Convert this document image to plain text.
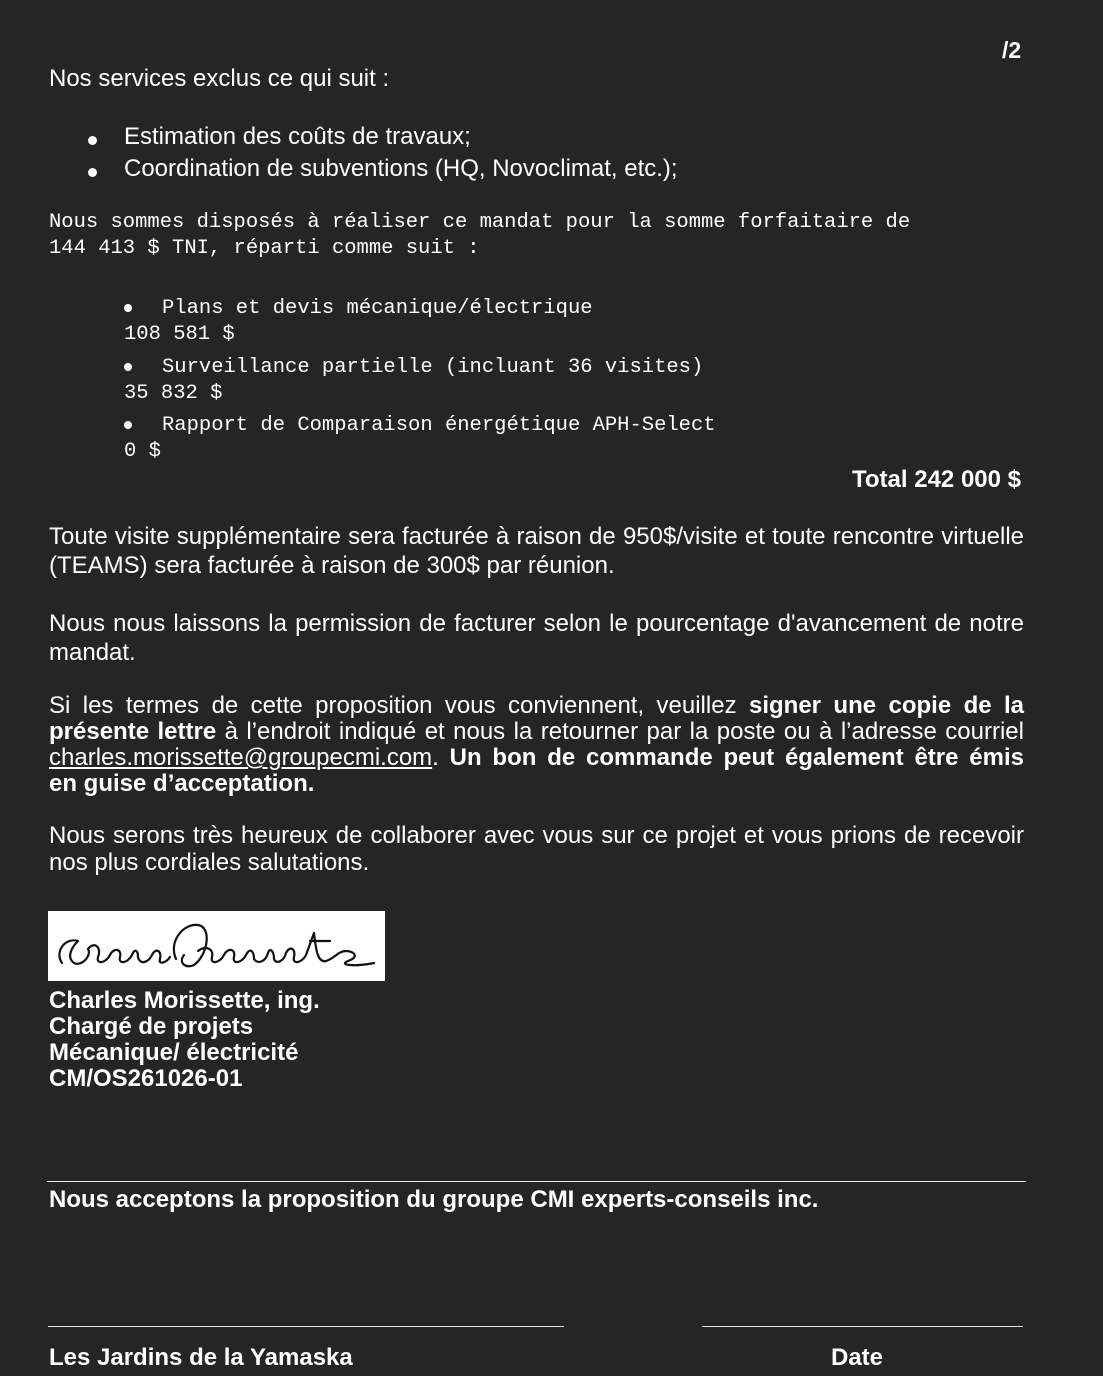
/2
Nos services exclus ce qui suit :
Estimation des coûts de travaux;
Coordination de subventions (HQ, Novoclimat, etc.);
Nous sommes disposés à réaliser ce mandat pour la somme forfaitaire de
144 413 $ TNI, réparti comme suit :
Plans et devis mécanique/électrique
108 581 $
Surveillance partielle (incluant 36 visites)
35 832 $
Rapport de Comparaison énergétique APH-Select
0 $
Total 242 000 $
Toute visite supplémentaire sera facturée à raison de 950$/visite et toute rencontre virtuelle (TEAMS) sera facturée à raison de 300$ par réunion.
Nous nous laissons la permission de facturer selon le pourcentage d'avancement de notre mandat.
Si les termes de cette proposition vous conviennent, veuillez signer une copie de la présente lettre à l’endroit indiqué et nous la retourner par la poste ou à l’adresse courriel charles.morissette@groupecmi.com. Un bon de commande peut également être émis en guise d’acceptation.
Nous serons très heureux de collaborer avec vous sur ce projet et vous prions de recevoir nos plus cordiales salutations.
Charles Morissette, ing.
Chargé de projets
Mécanique/ électricité
CM/OS261026-01
Nous acceptons la proposition du groupe CMI experts-conseils inc.
Les Jardins de la Yamaska	Date
